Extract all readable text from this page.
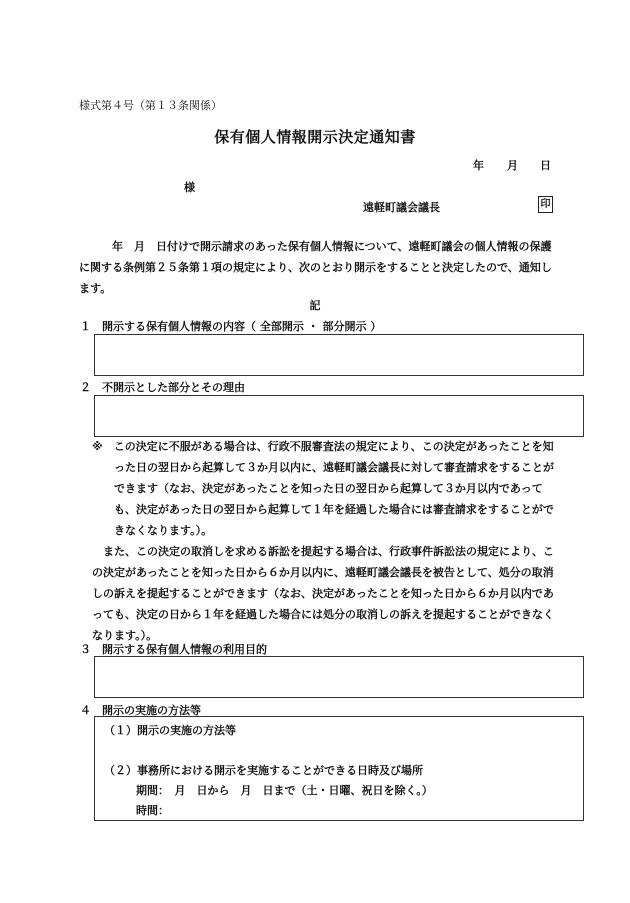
様式第４号（第１３条関係）
保有個人情報開示決定通知書
年 月 日
様
遠軽町議会議長	印
　　　年　月　日付けで開示請求のあった保有個人情報について、遠軽町議会の個人情報の保護に関する条例第２５条第１項の規定により、次のとおり開示をすることと決定したので、通知します。
記
１ 開示する保有個人情報の内容（ 全部開示 ・ 部分開示 ）
２ 不開示とした部分とその理由
※　 この決定に不服がある場合は、行政不服審査法の規定により、この決定があったことを知った日の翌日から起算して３か月以内に、遠軽町議会議長に対して審査請求をすることができます（なお、決定があったことを知った日の翌日から起算して３か月以内であっても、決定があった日の翌日から起算して１年を経過した場合には審査請求をすることができなくなります。）。
また、この決定の取消しを求める訴訟を提起する場合は、行政事件訴訟法の規定により、この決定があったことを知った日から６か月以内に、遠軽町議会議長を被告として、処分の取消しの訴えを提起することができます（なお、決定があったことを知った日から６か月以内であっても、決定の日から１年を経過した場合には処分の取消しの訴えを提起することができなくなります。）。
３ 開示する保有個人情報の利用目的
４ 開示の実施の方法等
（１）開示の実施の方法等
（２）事務所における開示を実施することができる日時及び場所
期間：　月　日から　月　日まで（土・日曜、祝日を除く。）
時間：
